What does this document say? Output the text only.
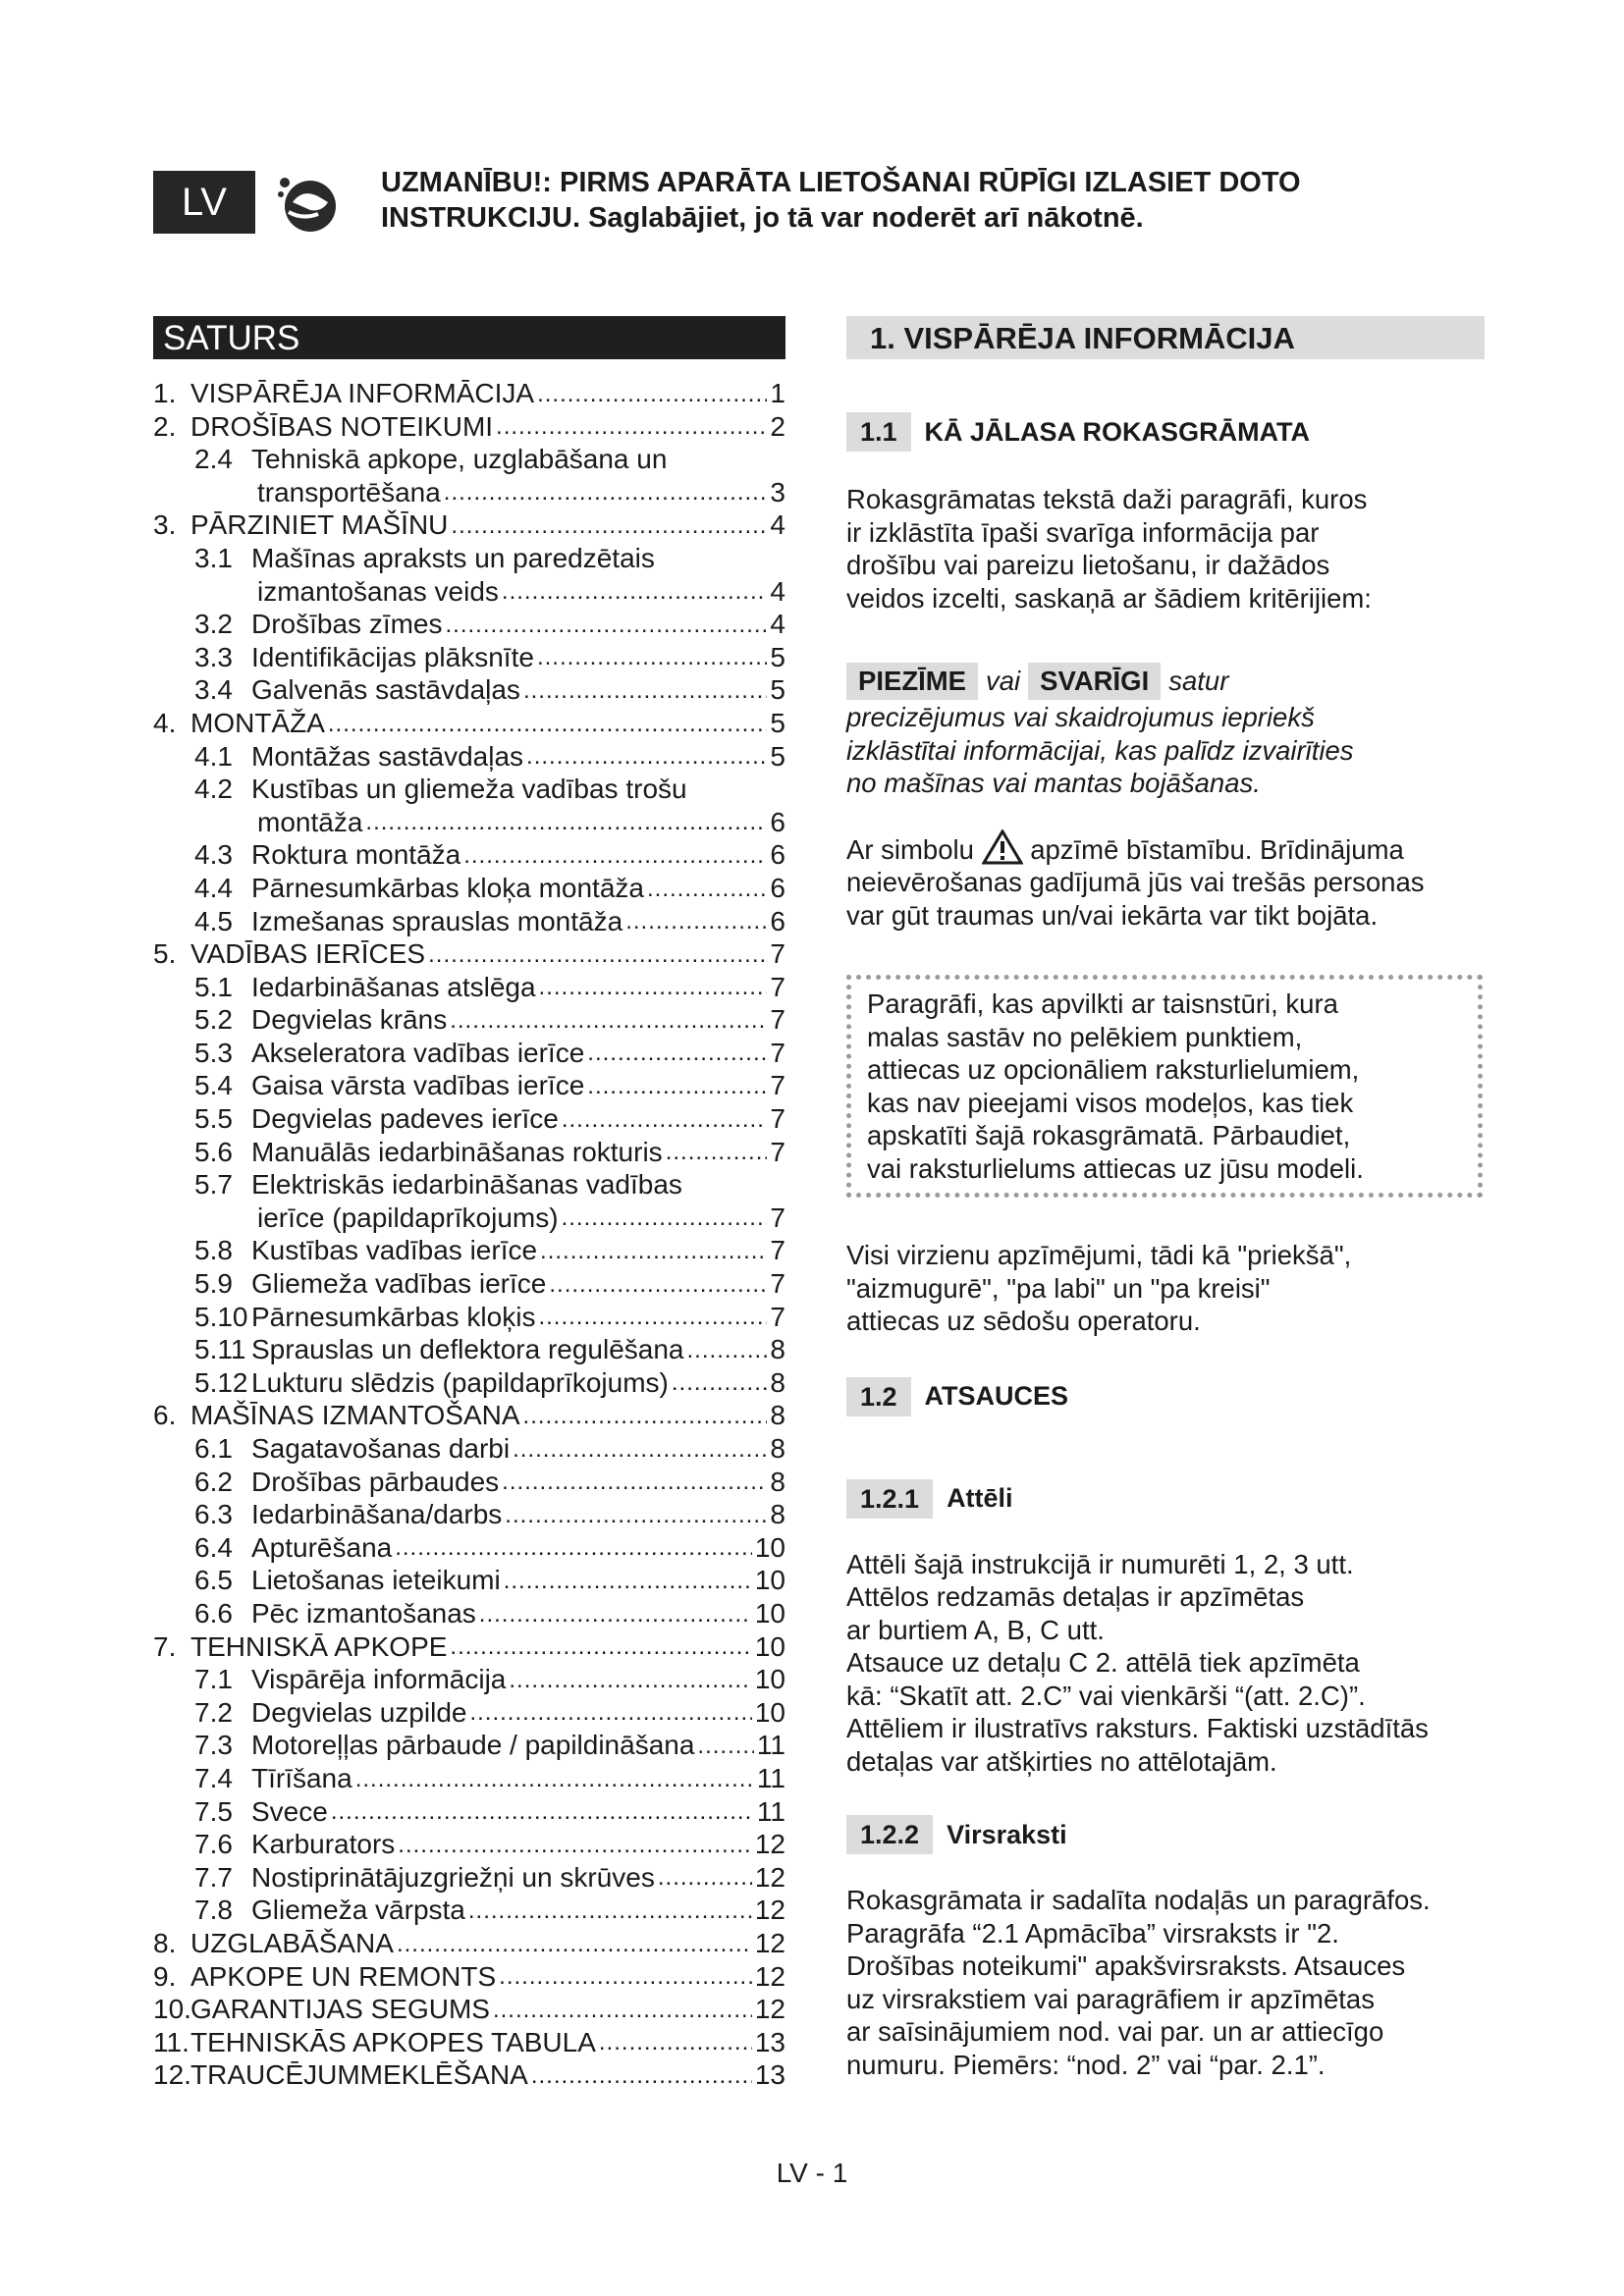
LV	UZMANĪBU!: PIRMS APARĀTA LIETOŠANAI RŪPĪGI IZLASIET DOTO
INSTRUKCIJU. Saglabājiet, jo tā var noderēt arī nākotnē.
SATURS
1. VISPĀRĒJA INFORMĀCIJA .....	1
2. DROŠĪBAS NOTEIKUMI .....	2
2.4 Tehniskā apkope, uzglabāšana un
transportēšana .....	3
3. PĀRZINIET MAŠĪNU .....	4
3.1 Mašīnas apraksts un paredzētais
izmantošanas veids .....	4
3.2 Drošības zīmes .....	4
3.3 Identifikācijas plāksnīte .....	5
3.4 Galvenās sastāvdaļas .....	5
4. MONTĀŽA .....	5
4.1 Montāžas sastāvdaļas .....	5
4.2 Kustības un gliemeža vadības trošu
montāža .....	6
4.3 Roktura montāža .....	6
4.4 Pārnesumkārbas kloķa montāža .....	6
4.5 Izmešanas sprauslas montāža .....	6
5. VADĪBAS IERĪCES .....	7
5.1 Iedarbināšanas atslēga .....	7
5.2 Degvielas krāns .....	7
5.3 Akseleratora vadības ierīce .....	7
5.4 Gaisa vārsta vadības ierīce .....	7
5.5 Degvielas padeves ierīce .....	7
5.6 Manuālās iedarbināšanas rokturis .....	7
5.7 Elektriskās iedarbināšanas vadības
ierīce (papildaprīkojums) .....	7
5.8 Kustības vadības ierīce .....	7
5.9 Gliemeža vadības ierīce .....	7
5.10 Pārnesumkārbas kloķis .....	7
5.11 Sprauslas un deflektora regulēšana .....	8
5.12 Lukturu slēdzis (papildaprīkojums) .....	8
6. MAŠĪNAS IZMANTOŠANA .....	8
6.1 Sagatavošanas darbi .....	8
6.2 Drošības pārbaudes .....	8
6.3 Iedarbināšana/darbs .....	8
6.4 Apturēšana .....	10
6.5 Lietošanas ieteikumi .....	10
6.6 Pēc izmantošanas .....	10
7. TEHNISKĀ APKOPE .....	10
7.1 Vispārēja informācija .....	10
7.2 Degvielas uzpilde .....	10
7.3 Motoreļļas pārbaude / papildināšana ..... 11
7.4 Tīrīšana .....	11
7.5 Svece .....	11
7.6 Karburators .....	12
7.7 Nostiprinātājuzgriežņi un skrūves .....	12
7.8 Gliemeža vārpsta .....	12
8. UZGLABĀŠANA .....	12
9. APKOPE UN REMONTS .....	12
10. GARANTIJAS SEGUMS .....	12
11. TEHNISKĀS APKOPES TABULA .....	13
12. TRAUCĒJUMMEKLĒŠANA .....	13
1. VISPĀRĒJA INFORMĀCIJA
1.1	KĀ JĀLASA ROKASGRĀMATA

Rokasgrāmatas tekstā daži paragrāfi, kuros

ir izklāstīta īpaši svarīga informācija par

drošību vai pareizu lietošanu, ir dažādos

veidos izcelti, saskaņā ar šādiem kritērijiem:

PIEZĪME vai SVARĪGI satur

precizējumus vai skaidrojumus iepriekš

izklāstītai informācijai, kas palīdz izvairīties

no mašīnas vai mantas bojāšanas.

Ar simbolu apzīmē bīstamību. Brīdinājuma

neievērošanas gadījumā jūs vai trešās personas

var gūt traumas un/vai iekārta var tikt bojāta.

Paragrāfi, kas apvilkti ar taisnstūri, kura

malas sastāv no pelēkiem punktiem,

attiecas uz opcionāliem raksturlielumiem,

kas nav pieejami visos modeļos, kas tiek

apskatīti šajā rokasgrāmatā. Pārbaudiet,

vai raksturlielums attiecas uz jūsu modeli.

Visi virzienu apzīmējumi, tādi kā "priekšā",

"aizmugurē", "pa labi" un "pa kreisi"

attiecas uz sēdošu operatoru.

1.2	ATSAUCES
1.2.1	Attēli

Attēli šajā instrukcijā ir numurēti 1, 2, 3 utt.

Attēlos redzamās detaļas ir apzīmētas

ar burtiem A, B, C utt.

Atsauce uz detaļu C 2. attēlā tiek apzīmēta

kā: “Skatīt att. 2.C” vai vienkārši “(att. 2.C)”.

Attēliem ir ilustratīvs raksturs. Faktiski uzstādītās

detaļas var atšķirties no attēlotajām.

1.2.2	Virsraksti

Rokasgrāmata ir sadalīta nodaļās un paragrāfos.

Paragrāfa “2.1 Apmācība” virsraksts ir "2.

Drošības noteikumi" apakšvirsraksts. Atsauces

uz virsrakstiem vai paragrāfiem ir apzīmētas

ar saīsinājumiem nod. vai par. un ar attiecīgo

numuru. Piemērs: “nod. 2” vai “par. 2.1”.

LV - 1
